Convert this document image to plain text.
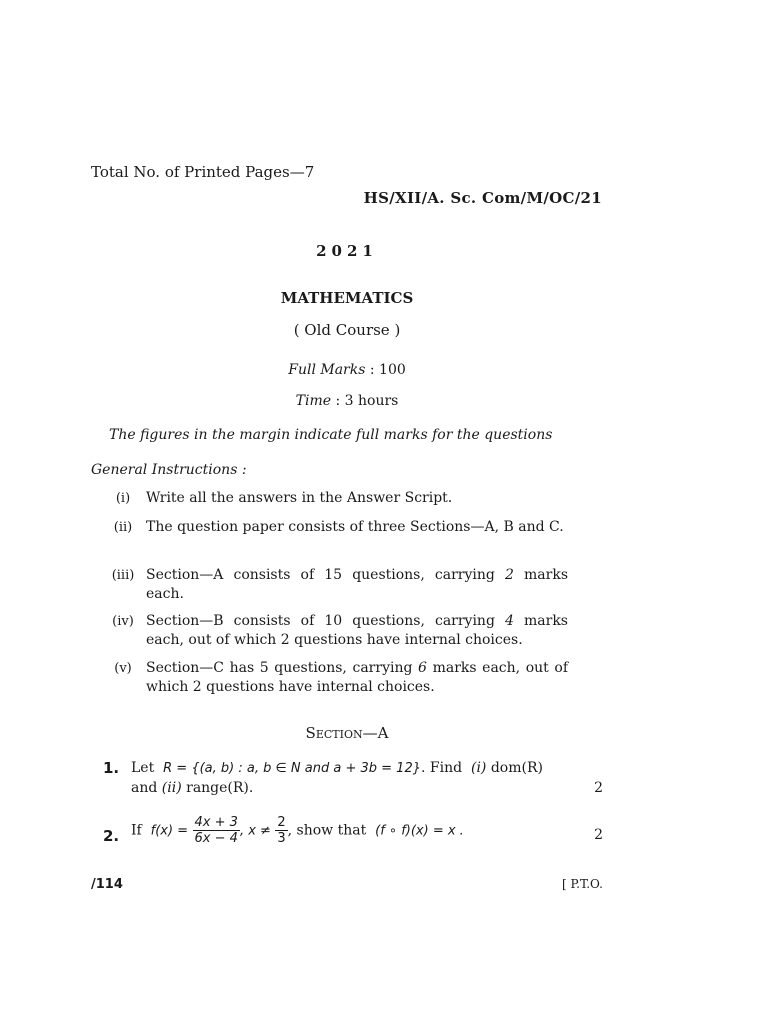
Total No. of Printed Pages—7
HS/XII/A. Sc. Com/M/OC/21
2021
MATHEMATICS
( Old Course )
Full Marks : 100
Time : 3 hours
The figures in the margin indicate full marks for the questions
General Instructions :
(i)	Write all the answers in the Answer Script.
(ii) The question paper consists of three Sections—A, B and C.
(iii) Section—A consists of 15 questions, carrying 2 marks each.
(iv) Section—B consists of 10 questions, carrying 4 marks each, out of which 2 questions have internal choices.
(v)	Section—C has 5 questions, carrying 6 marks each, out of which 2 questions have internal choices.
Section—A
1. Let R = {(a, b) : a, b ∈ N and a + 3b = 12}. Find (i) dom(R)
and (ii) range(R).	2
2. If $f(x) = \frac{4x + 3}{6x - 4}$ , $x \ne \frac{2}{3}$ , show that (f ∘ f)(x) = x .	2
/114	[ P.T.O.
